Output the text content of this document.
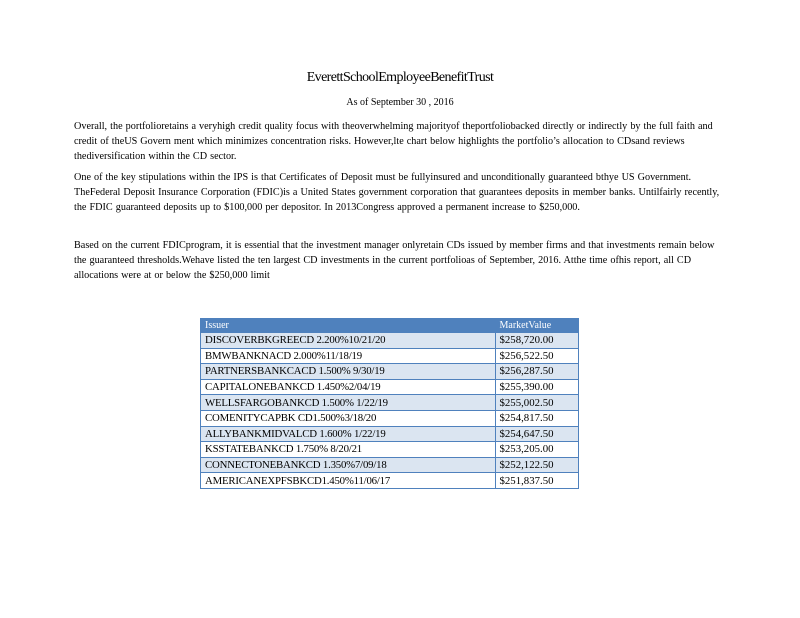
EverettSchoolEmployeeBenefitTrust
As of September 30 , 2016

Overall, the portfolioretains a veryhigh credit quality focus with theoverwhelming majorityof theportfoliobacked directly or indirectly by the full faith and credit of theUS Govern ment which minimizes concentration risks. However,lte chart below highlights the portfolio’s allocation to CDsand reviews thediversification within the CD sector.

One of the key stipulations within the IPS is that Certificates of Deposit must be fullyinsured and unconditionally guaranteed bthye US Government. TheFederal Deposit Insurance Corporation (FDIC)is a United States government corporation that guarantees deposits in member banks. Untilfairly recently, the FDIC guaranteed deposits up to $100,000 per depositor. In 2013Congress approved a permanent increase to $250,000.

Based on the current FDICprogram, it is essential that the investment manager onlyretain CDs issued by member firms and that investments remain below the guaranteed thresholds.Wehave listed the ten largest CD investments in the current portfolioas of September, 2016. Atthe time ofhis report, all CD allocations were at or below the $250,000 limit

Issuer	MarketValue
DISCOVERBKGREECD 2.200%10/21/20	$258,720.00
BMWBANKNACD 2.000%11/18/19	$256,522.50
PARTNERSBANKCACD 1.500% 9/30/19	$256,287.50
CAPITALONEBANKCD 1.450%2/04/19	$255,390.00
WELLSFARGOBANKCD 1.500% 1/22/19	$255,002.50
COMENITYCAPBK CD1.500%3/18/20	$254,817.50
ALLYBANKMIDVALCD 1.600% 1/22/19	$254,647.50
KSSTATEBANKCD 1.750% 8/20/21	$253,205.00
CONNECTONEBANKCD 1.350%7/09/18	$252,122.50
AMERICANEXPFSBKCD1.450%11/06/17	$251,837.50
